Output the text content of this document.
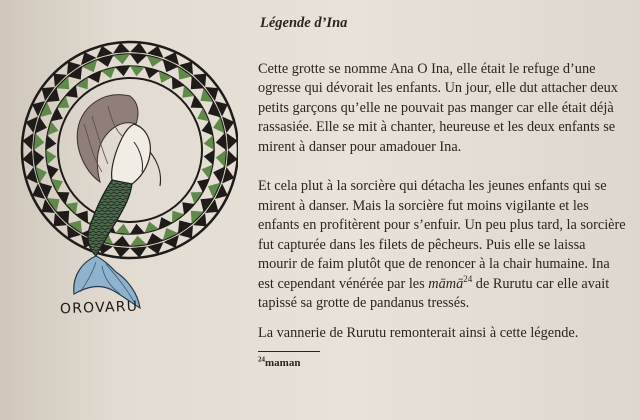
OROVARU
Légende d’Ina

Cette grotte se nomme Ana O Ina, elle était le refuge d’une ogresse qui dévorait les enfants. Un jour, elle dut attacher deux petits garçons qu’elle ne pouvait pas manger car elle était déjà rassasiée. Elle se mit à chanter, heureuse et les deux enfants se mirent à danser pour amadouer Ina.

Et cela plut à la sorcière qui détacha les jeunes enfants qui se mirent à danser. Mais la sorcière fut moins vigilante et les enfants en profitèrent pour s’enfuir. Un peu plus tard, la sorcière fut capturée dans les filets de pêcheurs. Puis elle se laissa mourir de faim plutôt que de renoncer à la chair humaine. Ina est cependant vénérée par les māmā$^{24}$ de Rurutu car elle avait tapissé sa grotte de pandanus tressés.

La vannerie de Rurutu remonterait ainsi à cette légende.

$^{24}$maman
